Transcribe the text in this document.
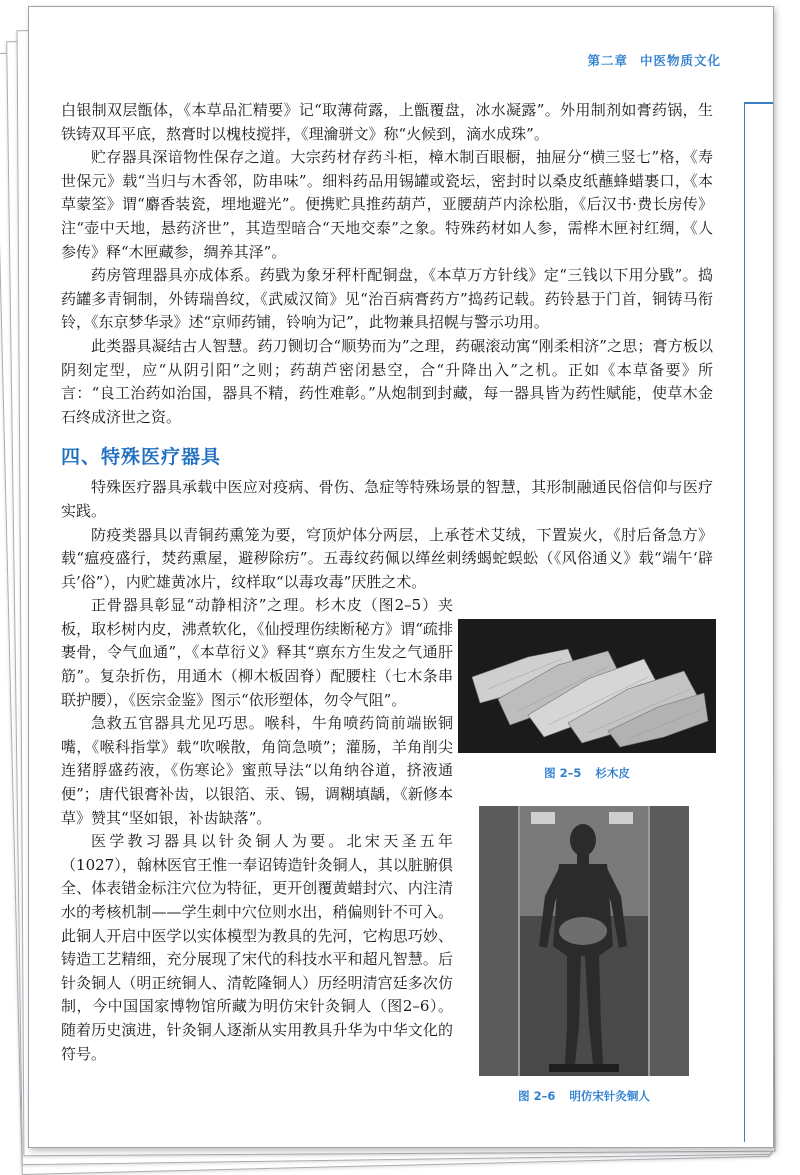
第二章 中医物质文化

白银制双层甑体，《本草品汇精要》记“取薄荷露，上甑覆盘，冰水凝露”。外用制剂如膏药锅，生铁铸双耳平底，熬膏时以槐枝搅拌，《理瀹骈文》称“火候到，滴水成珠”。

贮存器具深谙物性保存之道。大宗药材存药斗柜，樟木制百眼橱，抽屉分“横三竖七”格，《寿世保元》载“当归与木香邻，防串味”。细料药品用锡罐或瓷坛，密封时以桑皮纸蘸蜂蜡裹口，《本草蒙筌》谓“麝香装瓷，埋地避光”。便携贮具推药葫芦，亚腰葫芦内涂松脂，《后汉书·费长房传》注“壶中天地，悬药济世”，其造型暗合“天地交泰”之象。特殊药材如人参，需桦木匣衬红绸，《人参传》释“木匣藏参，绸养其泽”。

药房管理器具亦成体系。药戥为象牙秤杆配铜盘，《本草万方针线》定“三钱以下用分戥”。捣药罐多青铜制，外铸瑞兽纹，《武威汉简》见“治百病膏药方”捣药记载。药铃悬于门首，铜铸马衔铃，《东京梦华录》述“京师药铺，铃响为记”，此物兼具招幌与警示功用。

此类器具凝结古人智慧。药刀铡切合“顺势而为”之理，药碾滚动寓“刚柔相济”之思；膏方板以阴刻定型，应“从阴引阳”之则；药葫芦密闭悬空，合“升降出入”之机。正如《本草备要》所言：“良工治药如治国，器具不精，药性难彰。”从炮制到封藏，每一器具皆为药性赋能，使草木金石终成济世之资。

四、特殊医疗器具

特殊医疗器具承载中医应对疫病、骨伤、急症等特殊场景的智慧，其形制融通民俗信仰与医疗实践。

防疫类器具以青铜药熏笼为要，穹顶炉体分两层，上承苍术艾绒，下置炭火，《肘后备急方》载“瘟疫盛行，焚药熏屋，避秽除疠”。五毒纹药佩以缂丝刺绣蝎蛇蜈蚣（《风俗通义》载“端午‘辟兵’俗”），内贮雄黄冰片，纹样取“以毒攻毒”厌胜之术。

正骨器具彰显“动静相济”之理。杉木皮（图2–5）夹板，取杉树内皮，沸煮软化，《仙授理伤续断秘方》谓“疏排裹骨，令气血通”，《本草衍义》释其“禀东方生发之气通肝筋”。复杂折伤，用通木（柳木板固脊）配腰柱（七木条串联护腰），《医宗金鉴》图示“依形塑体，勿令气阻”。

急救五官器具尤见巧思。喉科，牛角喷药筒前端嵌铜嘴，《喉科指掌》载“吹喉散，角筒急喷”；灌肠，羊角削尖连猪脬盛药液，《伤寒论》蜜煎导法“以角纳谷道，挤液通便”；唐代银膏补齿，以银箔、汞、锡，调糊填龋，《新修本草》赞其“坚如银，补齿缺落”。

医学教习器具以针灸铜人为要。北宋天圣五年（1027），翰林医官王惟一奉诏铸造针灸铜人，其以脏腑俱全、体表错金标注穴位为特征，更开创覆黄蜡封穴、内注清水的考核机制——学生刺中穴位则水出，稍偏则针不可入。此铜人开启中医学以实体模型为教具的先河，它构思巧妙、铸造工艺精细，充分展现了宋代的科技水平和超凡智慧。后针灸铜人（明正统铜人、清乾隆铜人）历经明清宫廷多次仿制，今中国国家博物馆所藏为明仿宋针灸铜人（图2–6）。随着历史演进，针灸铜人逐渐从实用教具升华为中华文化的符号。

图 2–5 杉木皮
图 2–6 明仿宋针灸铜人
